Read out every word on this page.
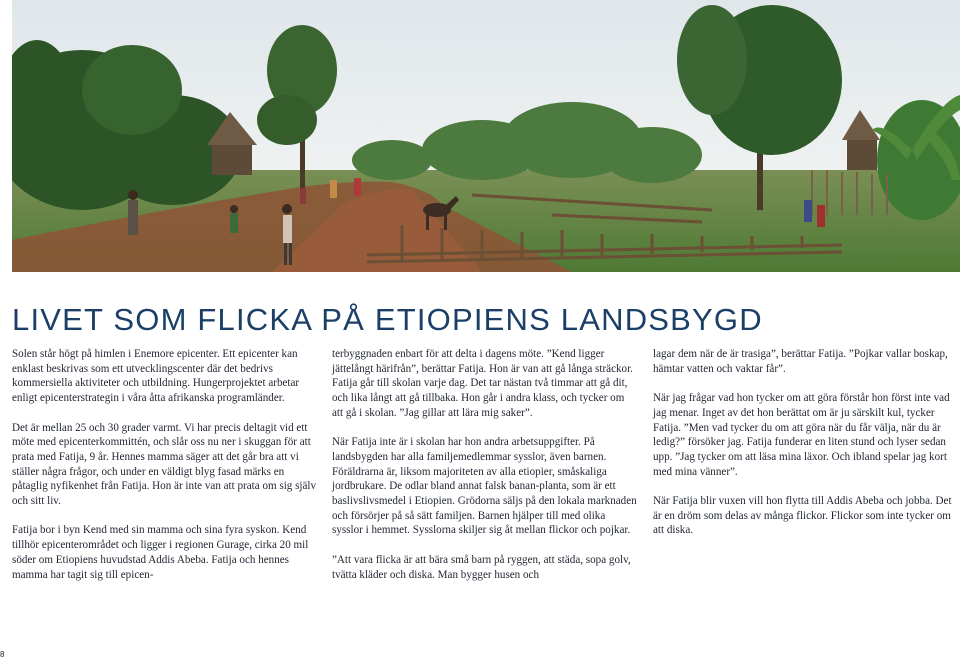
LIVET SOM FLICKA PÅ ETIOPIENS LANDSBYGD

Solen står högt på himlen i Enemore epicenter. Ett epicenter kan enklast beskrivas som ett utvecklingscenter där det bedrivs kommersiella aktiviteter och utbildning. Hungerprojektet arbetar enligt epicenterstrategin i våra åtta afrikanska programländer.

Det är mellan 25 och 30 grader varmt. Vi har precis deltagit vid ett möte med epicenterkommittén, och slår oss nu ner i skuggan för att prata med Fatija, 9 år. Hennes mamma säger att det går bra att vi ställer några frågor, och under en väldigt blyg fasad märks en påtaglig nyfikenhet från Fatija. Hon är inte van att prata om sig själv och sitt liv.

Fatija bor i byn Kend med sin mamma och sina fyra syskon. Kend tillhör epicenterområdet och ligger i regionen Gurage, cirka 20 mil söder om Etiopiens huvudstad Addis Abeba. Fatija och hennes mamma har tagit sig till epicen-

terbyggnaden enbart för att delta i dagens möte. ”Kend ligger jättelångt härifrån”, berättar Fatija. Hon är van att gå långa sträckor. Fatija går till skolan varje dag. Det tar nästan två timmar att gå dit, och lika långt att gå tillbaka. Hon går i andra klass, och tycker om att gå i skolan. ”Jag gillar att lära mig saker”.

När Fatija inte är i skolan har hon andra arbetsuppgifter. På landsbygden har alla familjemedlemmar sysslor, även barnen. Föräldrarna är, liksom majoriteten av alla etiopier, småskaliga jordbrukare. De odlar bland annat falsk banan-planta, som är ett baslivslivsmedel i Etiopien. Grödorna säljs på den lokala marknaden och försörjer på så sätt familjen. Barnen hjälper till med olika sysslor i hemmet. Sysslorna skiljer sig åt mellan flickor och pojkar.

”Att vara flicka är att bära små barn på ryggen, att städa, sopa golv, tvätta kläder och diska. Man bygger husen och

lagar dem när de är trasiga”, berättar Fatija. ”Pojkar vallar boskap, hämtar vatten och vaktar får”.

När jag frågar vad hon tycker om att göra förstår hon först inte vad jag menar. Inget av det hon berättat om är ju särskilt kul, tycker Fatija. ”Men vad tycker du om att göra när du får välja, när du är ledig?” försöker jag. Fatija funderar en liten stund och lyser sedan upp. ”Jag tycker om att läsa mina läxor. Och ibland spelar jag kort med mina vänner”.

När Fatija blir vuxen vill hon flytta till Addis Abeba och jobba. Det är en dröm som delas av många flickor. Flickor som inte tycker om att diska.

8
